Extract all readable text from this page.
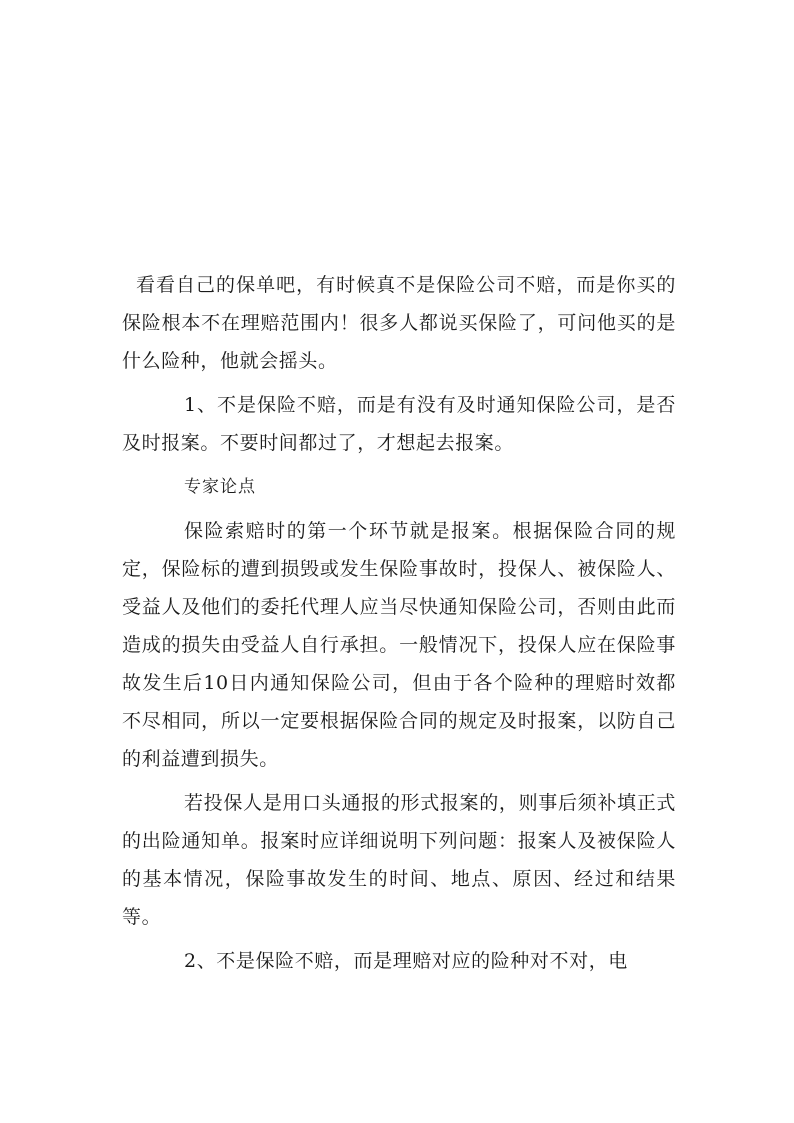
看看自己的保单吧，有时候真不是保险公司不赔，而是你买的保险根本不在理赔范围内！很多人都说买保险了，可问他买的是什么险种，他就会摇头。

1、不是保险不赔，而是有没有及时通知保险公司，是否及时报案。不要时间都过了，才想起去报案。

专家论点

保险索赔时的第一个环节就是报案。根据保险合同的规定，保险标的遭到损毁或发生保险事故时，投保人、被保险人、受益人及他们的委托代理人应当尽快通知保险公司，否则由此而造成的损失由受益人自行承担。一般情况下，投保人应在保险事故发生后10日内通知保险公司，但由于各个险种的理赔时效都不尽相同，所以一定要根据保险合同的规定及时报案，以防自己的利益遭到损失。

若投保人是用口头通报的形式报案的，则事后须补填正式的出险通知单。报案时应详细说明下列问题：报案人及被保险人的基本情况，保险事故发生的时间、地点、原因、经过和结果等。

2、不是保险不赔，而是理赔对应的险种对不对，电
